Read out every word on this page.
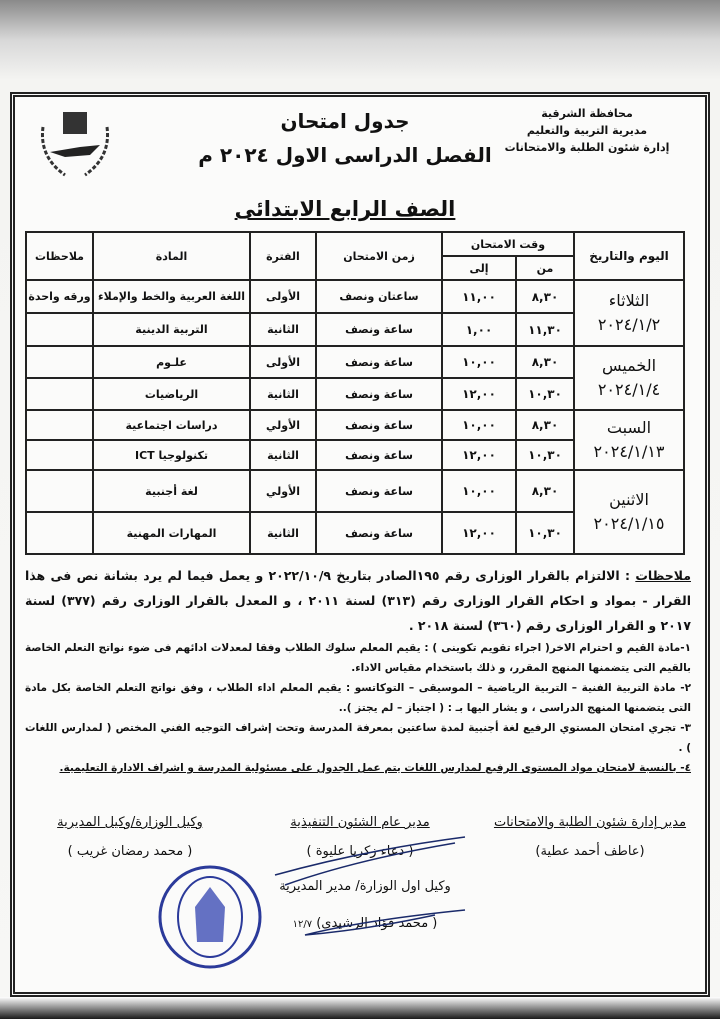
محافظة الشرقية
مديرية التربية والتعليم
إدارة شئون الطلبة والامتحانات
جدول امتحان
الفصل الدراسى الاول ٢٠٢٤ م
الصف الرابع الابتدائى
اليوم والتاريخ	وقت الامتحان		زمن الامتحان	الفترة	المادة	ملاحظات
	من	إلى				

الثلاثاء
٢٠٢٤/١/٢	٨,٣٠	١١,٠٠	ساعتان ونصف	الأولى	اللغة العربية والخط والإملاء	ورقه واحدة
	١١,٣٠	١,٠٠	ساعة ونصف	الثانية	التربية الدينية	

الخميس
٢٠٢٤/١/٤	٨,٣٠	١٠,٠٠	ساعة ونصف	الأولى	علـوم	
	١٠,٣٠	١٢,٠٠	ساعة ونصف	الثانية	الرياضيات	

السبت
٢٠٢٤/١/١٣	٨,٣٠	١٠,٠٠	ساعة ونصف	الأولي	دراسات اجتماعية	
	١٠,٣٠	١٢,٠٠	ساعة ونصف	الثانية	تكنولوجيا ICT	

الاثنين
٢٠٢٤/١/١٥	٨,٣٠	١٠,٠٠	ساعة ونصف	الأولي	لغة أجنبية	
	١٠,٣٠	١٢,٠٠	ساعة ونصف	الثانية	المهارات المهنية	
ملاحظات : الالتزام بالقرار الوزارى رقم ١٩٥الصادر بتاريخ ٢٠٢٢/١٠/٩ و يعمل فيما لم يرد بشانة نص فى هذا القرار - بمواد و احكام القرار الوزارى رقم (٣١٣) لسنة ٢٠١١ ، و المعدل بالقرار الوزارى رقم (٣٧٧) لسنة ٢٠١٧ و القرار الوزارى رقم (٣٦٠) لسنة ٢٠١٨ .
١-مادة القيم و احترام الاخر( اجراء تقويم تكوينى ) : يقيم المعلم سلوك الطلاب وفقا لمعدلات ادائهم فى ضوء نواتج التعلم الخاصة بالقيم التى يتضمنها المنهج المقرر، و ذلك باستخدام مقياس الاداء.
٢- مادة التربية الفنية – التربية الرياضية – الموسيقى – التوكاتسو : يقيم المعلم اداء الطلاب ، وفق نواتج التعلم الخاصة بكل مادة التى يتضمنها المنهج الدراسى ، و يشار اليها بـ : ( اجتياز – لم يجتز )..
٣- تجري امتحان المستوي الرفيع لغة أجنبية لمدة ساعتين بمعرفة المدرسة وتحت إشراف التوجيه الفني المختص ( لمدارس اللغات ) .
٤- بالنسبة لامتحان مواد المستوى الرفيع لمدارس اللغات يتم عمل الجدول على مسئولية المدرسة و اشراف الادارة التعليمية.
مدير إدارة شئون الطلبة والامتحانات
(عاطف أحمد عطية)
مدير عام الشئون التنفيذية
( دعاء زكريا عليوة )
وكيل الوزارة/وكيل المديرية
( محمد رمضان غريب )
وكيل اول الوزارة/ مدير المديرية
( محمد فؤاد الرشيدى) ١٢/٧
